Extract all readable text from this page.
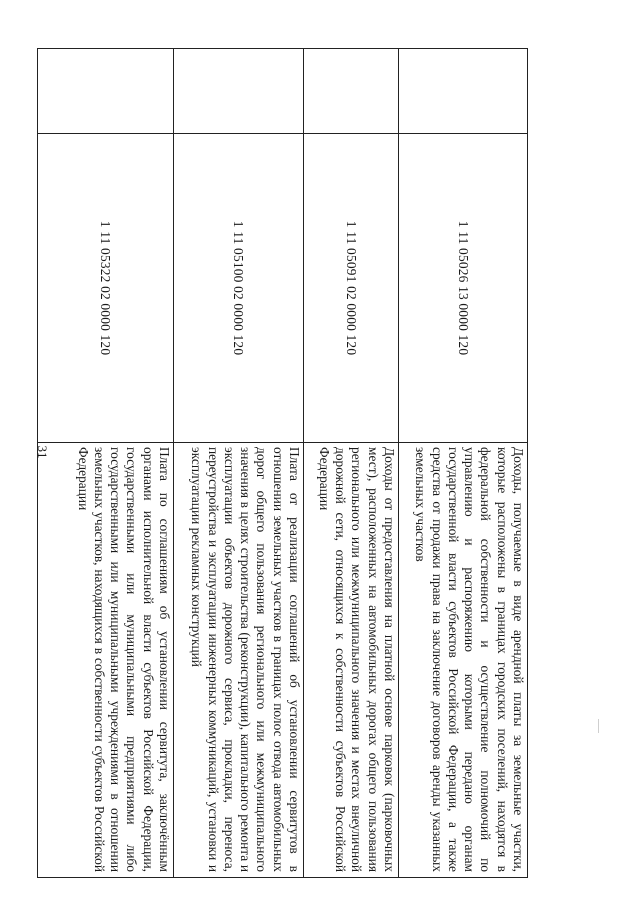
31
	1 11 05026 13 0000 120	Доходы, получаемые в виде арендной платы за земельные участки, которые расположены в границах городских поселений, находятся в федеральной собственности и осуществление полномочий по управлению и распоряжению которыми передано органам государственной власти субъектов Российской Федерации, а также средства от продажи права на заключение договоров аренды указанных земельных участков
	1 11 05091 02 0000 120	Доходы от предоставления на платной основе парковок (парковочных мест), расположенных на автомобильных дорогах общего пользования регионального или межмуниципального значения и местах внеуличной дорожной сети, относящихся к собственности субъектов Российской Федерации
	1 11 05100 02 0000 120	Плата от реализации соглашений об установлении сервитутов в отношении земельных участков в границах полос отвода автомобильных дорог общего пользования регионального или межмуниципального значения в целях строительства (реконструкции), капитального ремонта и эксплуатации объектов дорожного сервиса, прокладки, переноса, переустройства и эксплуатации инженерных коммуникаций, установки и эксплуатации рекламных конструкций
	1 11 05322 02 0000 120	Плата по соглашениям об установлении сервитута, заключённым органами исполнительной власти субъектов Российской Федерации, государственными или муниципальными предприятиями либо государственными или муниципальными учреждениями в отношении земельных участков, находящихся в собственности субъектов Российской Федерации
